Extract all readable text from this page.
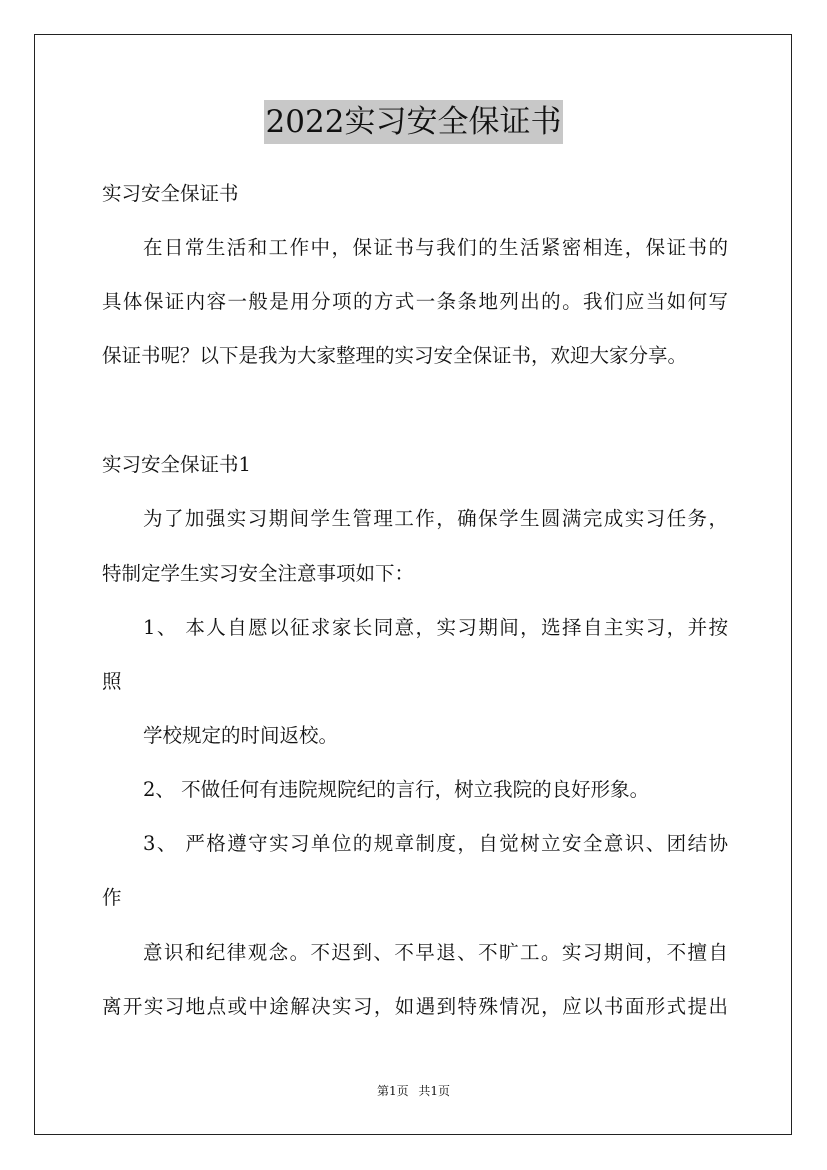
2022实习安全保证书
实习安全保证书
在日常生活和工作中，保证书与我们的生活紧密相连，保证书的
具体保证内容一般是用分项的方式一条条地列出的。我们应当如何写
保证书呢？以下是我为大家整理的实习安全保证书，欢迎大家分享。
实习安全保证书1
为了加强实习期间学生管理工作，确保学生圆满完成实习任务，
特制定学生实习安全注意事项如下：
1、 本人自愿以征求家长同意，实习期间，选择自主实习，并按
照
学校规定的时间返校。
2、 不做任何有违院规院纪的言行，树立我院的良好形象。
3、 严格遵守实习单位的规章制度，自觉树立安全意识、团结协
作
意识和纪律观念。不迟到、不早退、不旷工。实习期间，不擅自
离开实习地点或中途解决实习，如遇到特殊情况，应以书面形式提出
第1页 共1页
